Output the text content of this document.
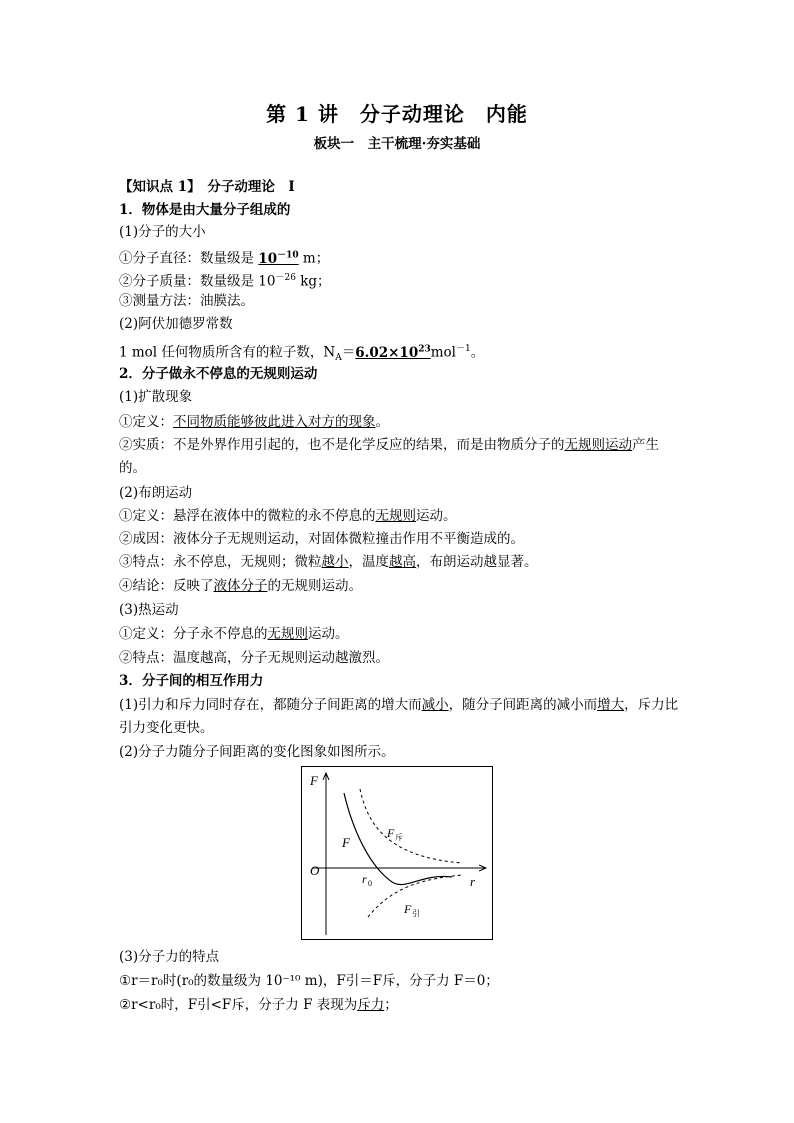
第 1 讲　分子动理论　内能
板块一　主干梳理·夯实基础
【知识点 1】　分子动理论　Ⅰ
1．物体是由大量分子组成的
(1)分子的大小
①分子直径：数量级是 $10^{-10}$ m；
②分子质量：数量级是 $10^{-26}$ kg；
③测量方法：油膜法。
(2)阿伏加德罗常数
1 mol 任何物质所含有的粒子数，$N_A=6.02\times 10^{23}mol^{-1}$。
2．分子做永不停息的无规则运动
(1)扩散现象
①定义：不同物质能够彼此进入对方的现象。
②实质：不是外界作用引起的，也不是化学反应的结果，而是由物质分子的无规则运动产生的。
(2)布朗运动
①定义：悬浮在液体中的微粒的永不停息的无规则运动。
②成因：液体分子无规则运动，对固体微粒撞击作用不平衡造成的。
③特点：永不停息，无规则；微粒越小，温度越高，布朗运动越显著。
④结论：反映了液体分子的无规则运动。
(3)热运动
①定义：分子永不停息的无规则运动。
②特点：温度越高，分子无规则运动越激烈。
3．分子间的相互作用力
(1)引力和斥力同时存在，都随分子间距离的增大而减小，随分子间距离的减小而增大，斥力比引力变化更快。
(2)分子力随分子间距离的变化图象如图所示。
F
O
r
r 0
F
F 斥
F 引
(3)分子力的特点
①r＝r₀时(r₀的数量级为 10⁻¹⁰ m)，F引＝F斥，分子力 F＝0；
②r<r₀时，F引<F斥，分子力 F 表现为斥力；
